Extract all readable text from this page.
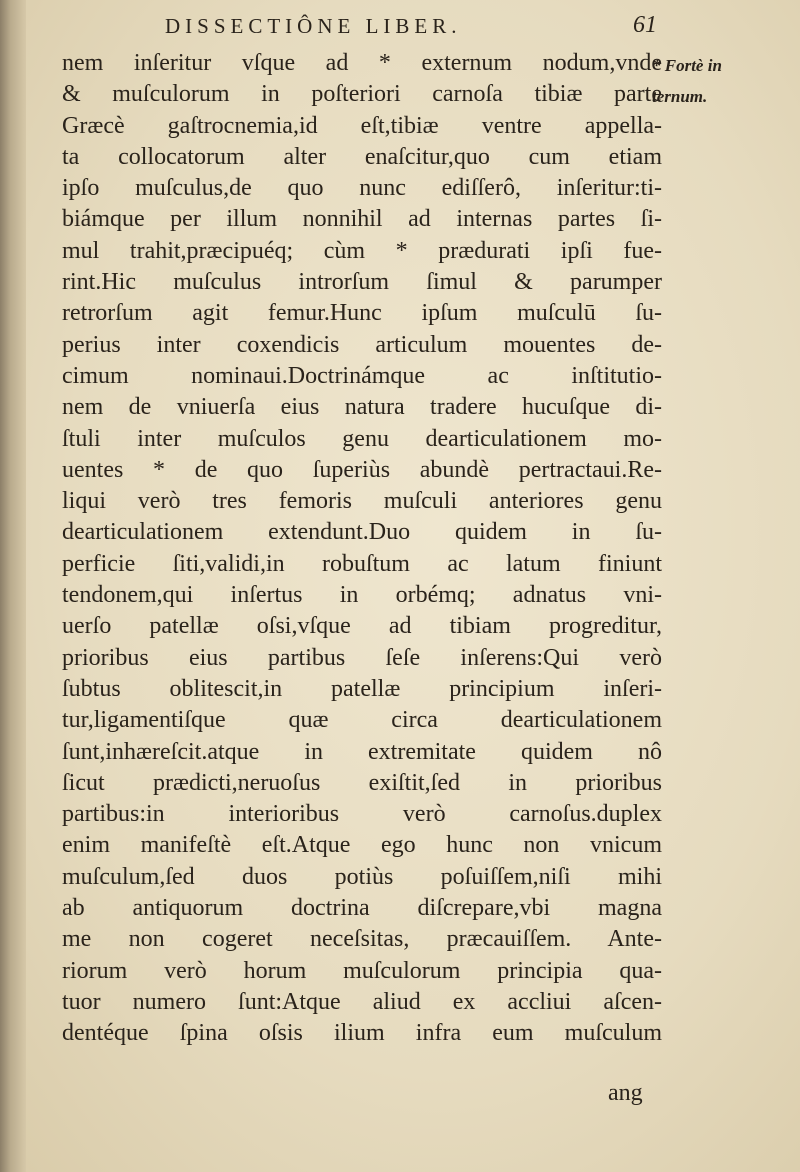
DISSECTIÔNE LIBER.	61
* Fortè in
ternum.
nem inſeritur vſque ad * externum nodum,vnde
& muſculorum in poſteriori carnoſa tibiæ parte
Græcè gaſtrocnemia,id eſt,tibiæ ventre appella-
ta collocatorum alter enaſcitur,quo cum etiam
ipſo muſculus,de quo nunc ediſſerô, inſeritur:ti-
biámque per illum nonnihil ad internas partes ſi-
mul trahit,præcipuéq; cùm * prædurati ipſi fue-
rint.Hic muſculus introrſum ſimul & parumper
retrorſum agit femur.Hunc ipſum muſculū ſu-
perius inter coxendicis articulum mouentes de-
cimum nominaui.Doctrinámque ac inſtitutio-
nem de vniuerſa eius natura tradere hucuſque di-
ſtuli inter muſculos genu dearticulationem mo-
uentes * de quo ſuperiùs abundè pertractaui.Re-
liqui verò tres femoris muſculi anteriores genu
dearticulationem extendunt.Duo quidem in ſu-
perficie ſiti,validi,in robuſtum ac latum finiunt
tendonem,qui inſertus in orbémq; adnatus vni-
uerſo patellæ oſsi,vſque ad tibiam progreditur,
prioribus eius partibus ſeſe inſerens:Qui verò
ſubtus oblitescit,in patellæ principium inſeri-
tur,ligamentiſque quæ circa dearticulationem
ſunt,inhæreſcit.atque in extremitate quidem nô
ſicut prædicti,neruoſus exiſtit,ſed in prioribus
partibus:in interioribus verò carnoſus.duplex
enim manifeſtè eſt.Atque ego hunc non vnicum
muſculum,ſed duos potiùs poſuiſſem,niſi mihi
ab antiquorum doctrina diſcrepare,vbi magna
me non cogeret neceſsitas, præcauiſſem. Ante-
riorum verò horum muſculorum principia qua-
tuor numero ſunt:Atque aliud ex accliui aſcen-
dentéque ſpina oſsis ilium infra eum muſculum
ang
